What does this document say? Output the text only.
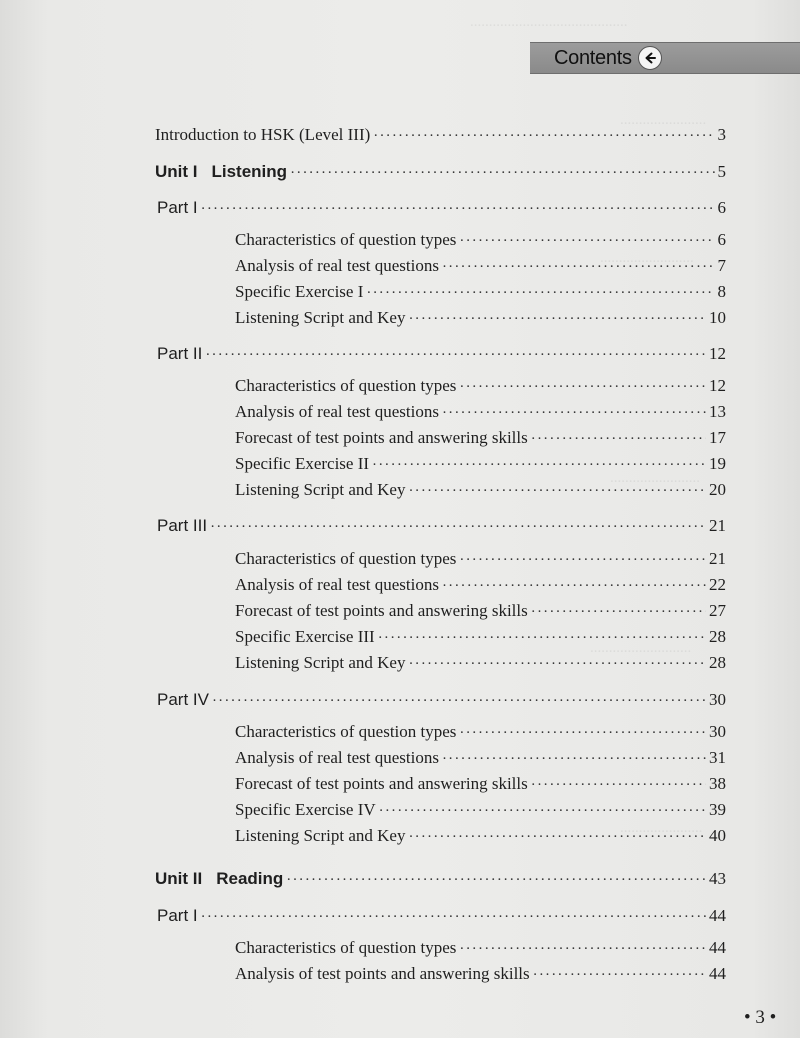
..........................................
.......................
.........................
........................
...........................
......................
Contents
Introduction to HSK (Level III) ·····	3
Unit I Listening ·····	5
Part I ·····	6
Characteristics of question types ·····	6
Analysis of real test questions ·····	7
Specific Exercise I ·····	8
Listening Script and Key ·····	10
Part II ·····	12
Characteristics of question types ·····	12
Analysis of real test questions ·····	13
Forecast of test points and answering skills ·····	17
Specific Exercise II ·····	19
Listening Script and Key ·····	20
Part III ·····	21
Characteristics of question types ·····	21
Analysis of real test questions ·····	22
Forecast of test points and answering skills ·····	27
Specific Exercise III ·····	28
Listening Script and Key ·····	28
Part IV ·····	30
Characteristics of question types ·····	30
Analysis of real test questions ·····	31
Forecast of test points and answering skills ·····	38
Specific Exercise IV ·····	39
Listening Script and Key ·····	40
Unit II Reading ·····	43
Part I ·····	44
Characteristics of question types ·····	44
Analysis of test points and answering skills ·····	44
• 3 •
